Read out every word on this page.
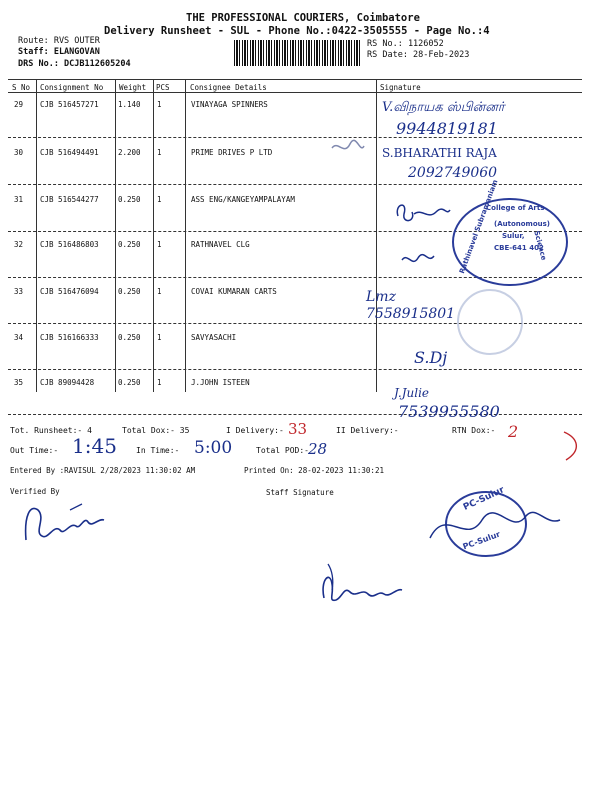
THE PROFESSIONAL COURIERS, Coimbatore
Delivery Runsheet - SUL - Phone No.:0422-3505555 - Page No.:4
Route: RVS OUTER
Staff: ELANGOVAN
DRS No.: DCJB112605204
RS No.: 1126052
RS Date: 28-Feb-2023
S No Consignment No Weight PCS	Consignee Details	Signature
29 CJB 516457271	1.140 1	VINAYAGA SPINNERS
30 CJB 516494491	2.200 1	PRIME DRIVES P LTD
31 CJB 516544277	0.250 1	ASS ENG/KANGEYAMPALAYAM
32 CJB 516486803	0.250 1	RATHNAVEL CLG
33 CJB 516476094	0.250 1	COVAI KUMARAN CARTS
34 CJB 516166333	0.250 1	SAVYASACHI
35 CJB 89094428	0.250 1	J.JOHN ISTEEN
V.விநாயக ஸ்பின்னர்
9944819181
S.BHARATHI RAJA
2092749060
Lmz
7558915801
S.Dj
J.Julie
7539955580
College of Arts
Rathinavel Subramaniam
(Autonomous)
Sulur,
CBE-641 402
Science
Tot. Runsheet:- 4	Total Dox:- 35	I Delivery:- 33	II Delivery:-	RTN Dox:- 2
Out Time:- 1:45 In Time:- 5:00	Total POD:- 28
Entered By :RAVISUL 2/28/2023 11:30:02 AM	Printed On: 28-02-2023 11:30:21
Verified By	Staff Signature	PC-Sulur
PC-Sulur
